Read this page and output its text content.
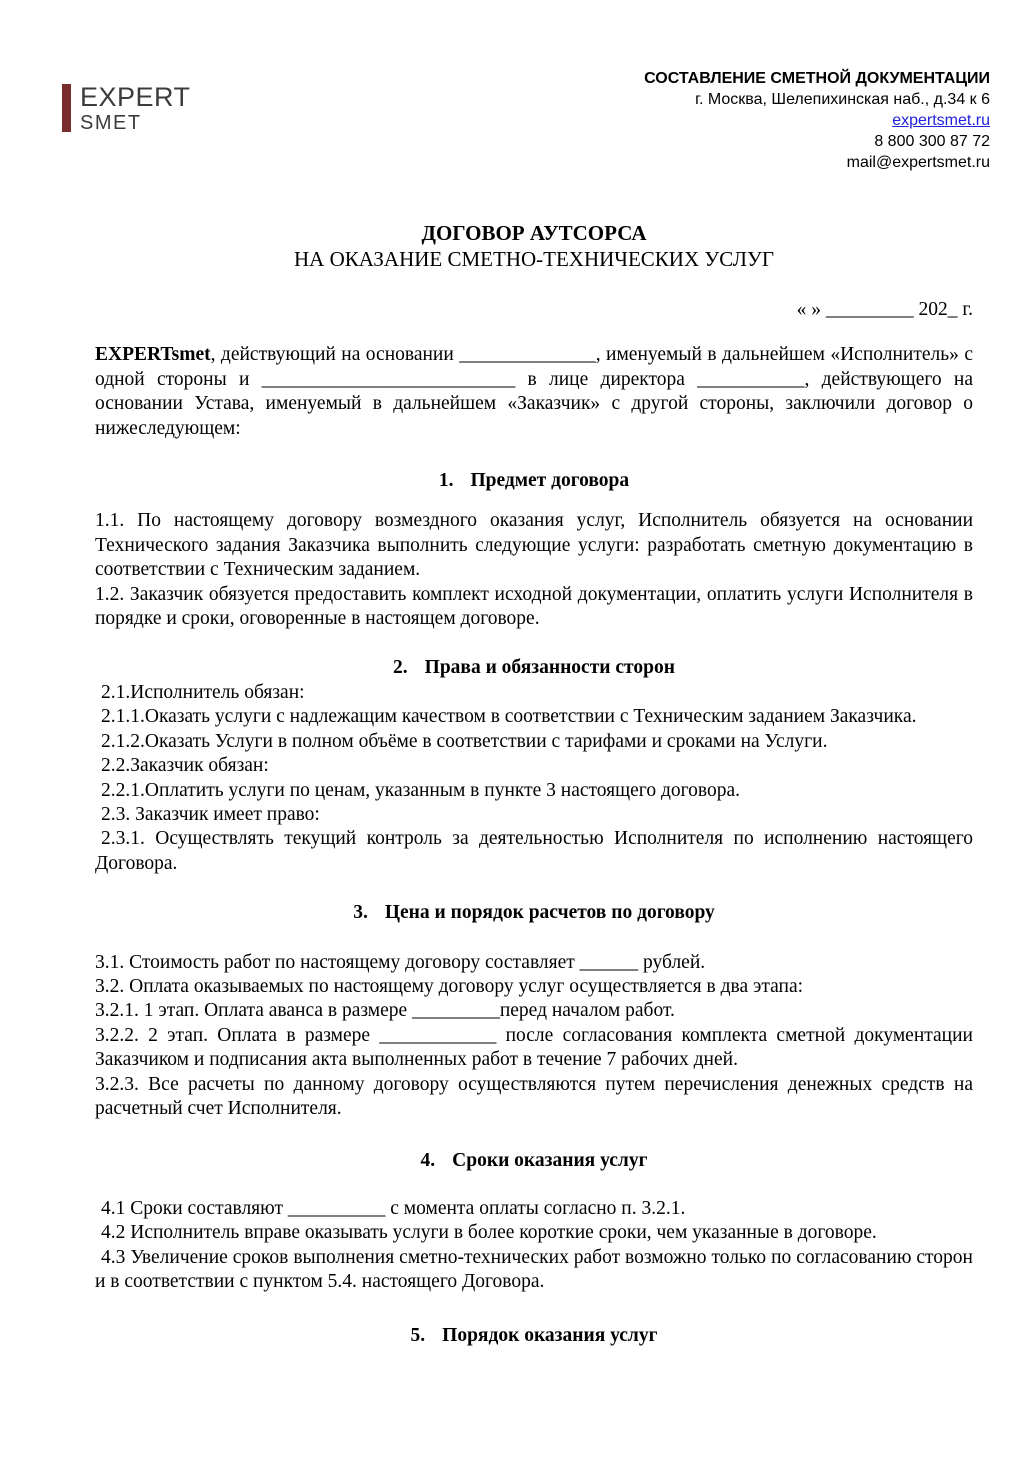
EXPERT
SMET
СОСТАВЛЕНИЕ СМЕТНОЙ ДОКУМЕНТАЦИИ
г. Москва, Шелепихинская наб., д.34 к 6
expertsmet.ru
8 800 300 87 72
mail@expertsmet.ru
ДОГОВОР АУТСОРСА
НА ОКАЗАНИЕ СМЕТНО-ТЕХНИЧЕСКИХ УСЛУГ
« » _________ 202_ г.
EXPERTsmet, действующий на основании ______________, именуемый в дальнейшем «Исполнитель» с одной стороны и __________________________ в лице директора ___________, действующего на основании Устава, именуемый в дальнейшем «Заказчик» с другой стороны, заключили договор о нижеследующем:
1. Предмет договора
1.1. По настоящему договору возмездного оказания услуг, Исполнитель обязуется на основании Технического задания Заказчика выполнить следующие услуги: разработать сметную документацию в соответствии с Техническим заданием.
1.2. Заказчик обязуется предоставить комплект исходной документации, оплатить услуги Исполнителя в порядке и сроки, оговоренные в настоящем договоре.
2. Права и обязанности сторон
2.1.Исполнитель обязан:
2.1.1.Оказать услуги с надлежащим качеством в соответствии с Техническим заданием Заказчика.
2.1.2.Оказать Услуги в полном объёме в соответствии с тарифами и сроками на Услуги.
2.2.Заказчик обязан:
2.2.1.Оплатить услуги по ценам, указанным в пункте 3 настоящего договора.
2.3. Заказчик имеет право:
2.3.1. Осуществлять текущий контроль за деятельностью Исполнителя по исполнению настоящего Договора.
3. Цена и порядок расчетов по договору
3.1. Стоимость работ по настоящему договору составляет ______ рублей.
3.2. Оплата оказываемых по настоящему договору услуг осуществляется в два этапа:
3.2.1. 1 этап. Оплата аванса в размере _________перед началом работ.
3.2.2. 2 этап. Оплата в размере ____________ после согласования комплекта сметной документации Заказчиком и подписания акта выполненных работ в течение 7 рабочих дней.
3.2.3. Все расчеты по данному договору осуществляются путем перечисления денежных средств на расчетный счет Исполнителя.
4. Сроки оказания услуг
4.1 Сроки составляют __________ с момента оплаты согласно п. 3.2.1.
4.2 Исполнитель вправе оказывать услуги в более короткие сроки, чем указанные в договоре.
4.3 Увеличение сроков выполнения сметно-технических работ возможно только по согласованию сторон и в соответствии с пунктом 5.4. настоящего Договора.
5. Порядок оказания услуг
